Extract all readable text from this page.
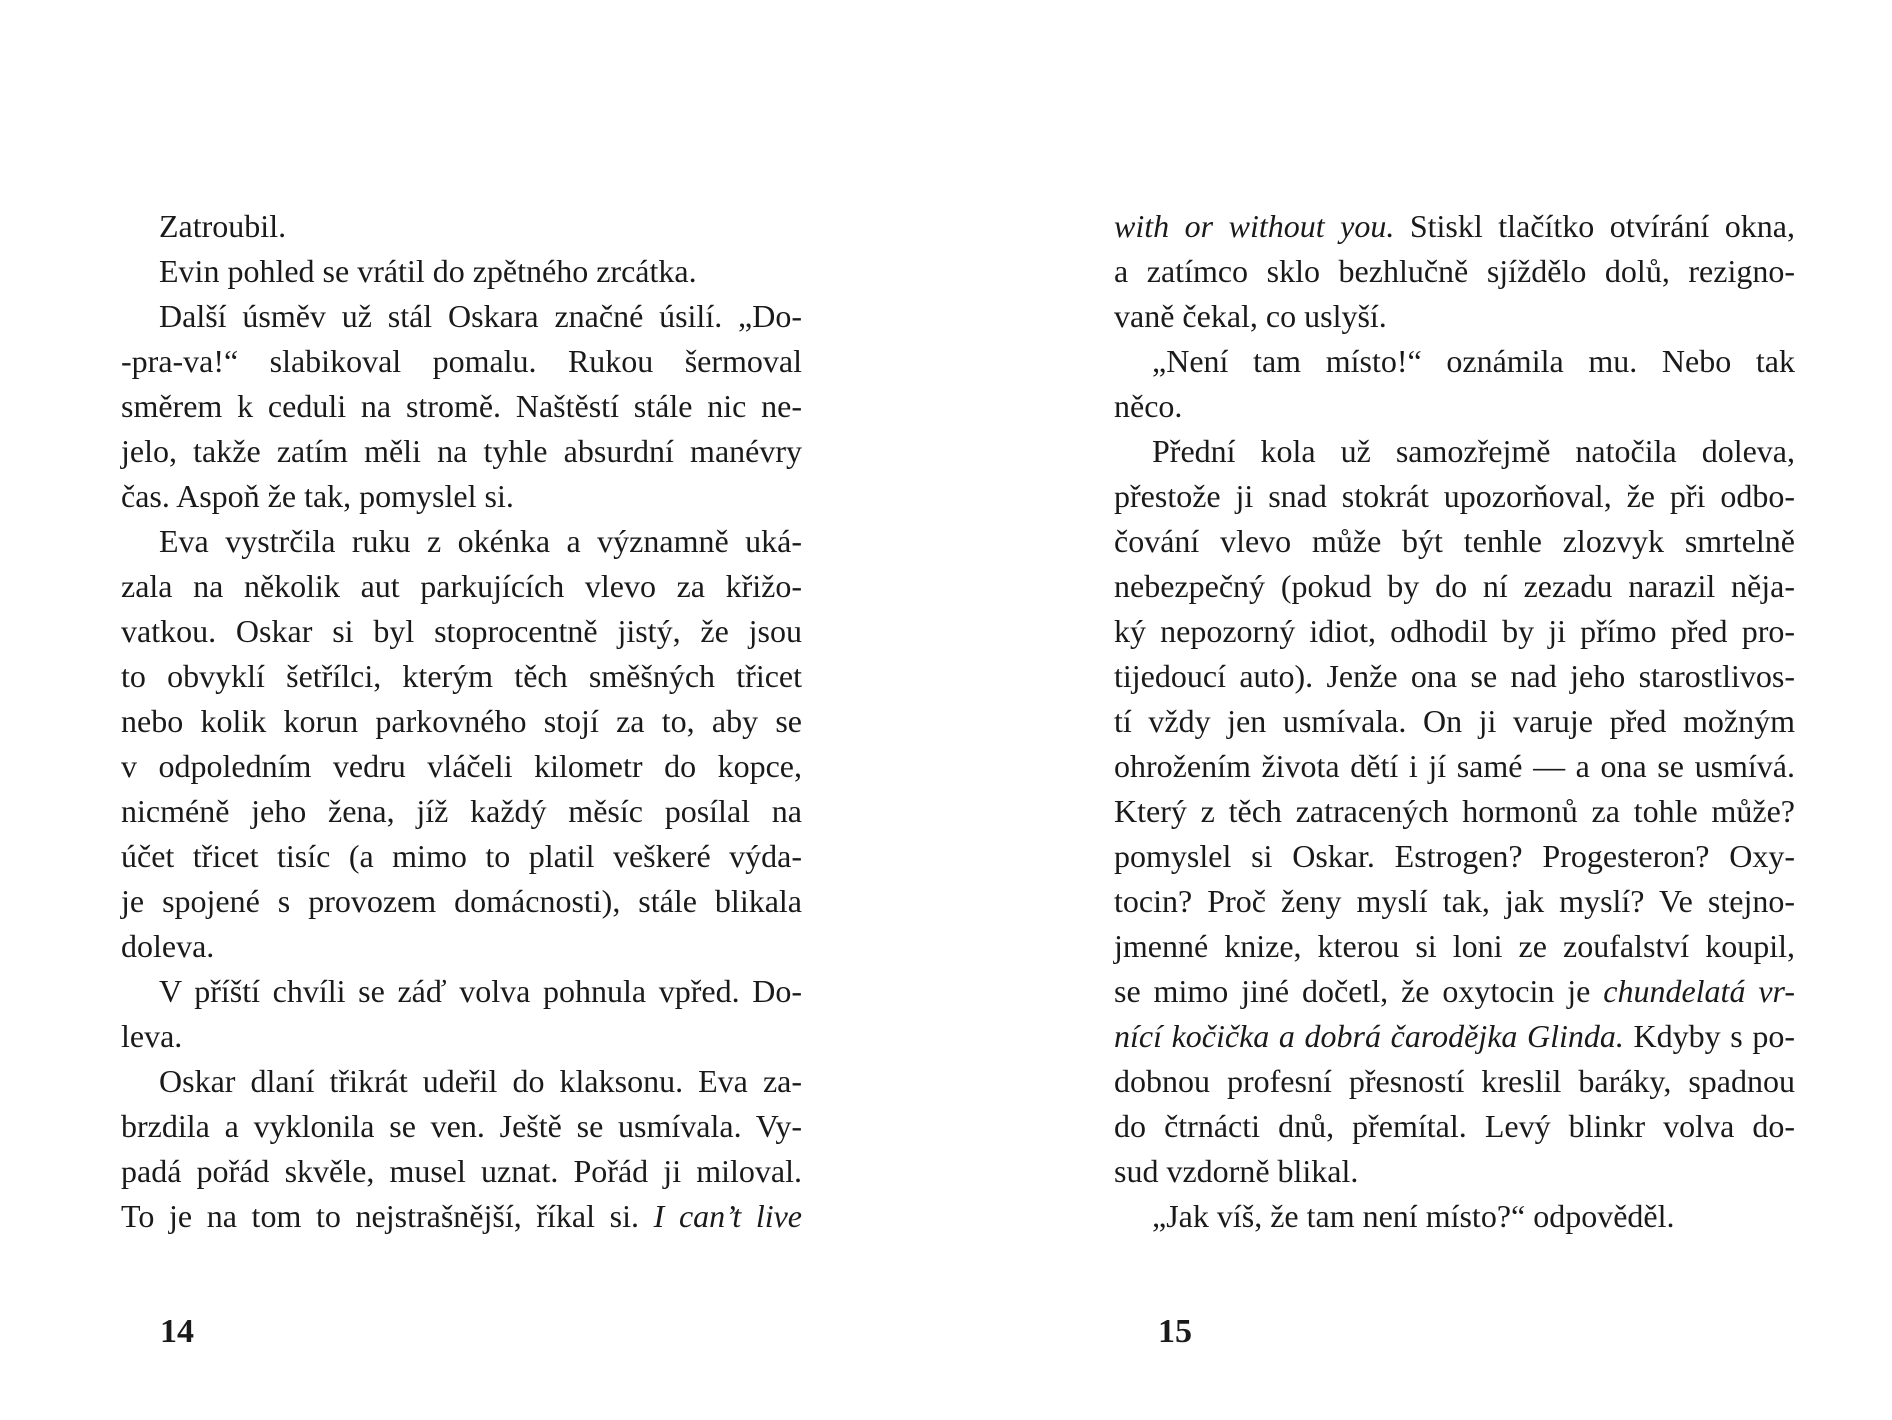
Zatroubil.
Evin pohled se vrátil do zpětného zrcátka.
Další úsměv už stál Oskara značné úsilí. „Do-
-pra-va!“ slabikoval pomalu. Rukou šermoval
směrem k ceduli na stromě. Naštěstí stále nic ne-
jelo, takže zatím měli na tyhle absurdní manévry
čas. Aspoň že tak, pomyslel si.
Eva vystrčila ruku z okénka a významně uká-
zala na několik aut parkujících vlevo za křižo-
vatkou. Oskar si byl stoprocentně jistý, že jsou
to obvyklí šetřílci, kterým těch směšných třicet
nebo kolik korun parkovného stojí za to, aby se
v odpoledním vedru vláčeli kilometr do kopce,
nicméně jeho žena, jíž každý měsíc posílal na
účet třicet tisíc (a mimo to platil veškeré výda-
je spojené s provozem domácnosti), stále blikala
doleva.
V příští chvíli se záď volva pohnula vpřed. Do-
leva.
Oskar dlaní třikrát udeřil do klaksonu. Eva za-
brzdila a vyklonila se ven. Ještě se usmívala. Vy-
padá pořád skvěle, musel uznat. Pořád ji miloval.
To je na tom to nejstrašnější, říkal si. I can’t live
14
with or without you. Stiskl tlačítko otvírání okna,
a zatímco sklo bezhlučně sjíždělo dolů, rezigno-
vaně čekal, co uslyší.
„Není tam místo!“ oznámila mu. Nebo tak
něco.
Přední kola už samozřejmě natočila doleva,
přestože ji snad stokrát upozorňoval, že při odbo-
čování vlevo může být tenhle zlozvyk smrtelně
nebezpečný (pokud by do ní zezadu narazil něja-
ký nepozorný idiot, odhodil by ji přímo před pro-
tijedoucí auto). Jenže ona se nad jeho starostlivos-
tí vždy jen usmívala. On ji varuje před možným
ohrožením života dětí i jí samé — a ona se usmívá.
Který z těch zatracených hormonů za tohle může?
pomyslel si Oskar. Estrogen? Progesteron? Oxy-
tocin? Proč ženy myslí tak, jak myslí? Ve stejno-
jmenné knize, kterou si loni ze zoufalství koupil,
se mimo jiné dočetl, že oxytocin je chundelatá vr-
nící kočička a dobrá čarodějka Glinda. Kdyby s po-
dobnou profesní přesností kreslil baráky, spadnou
do čtrnácti dnů, přemítal. Levý blinkr volva do-
sud vzdorně blikal.
„Jak víš, že tam není místo?“ odpověděl.
15
